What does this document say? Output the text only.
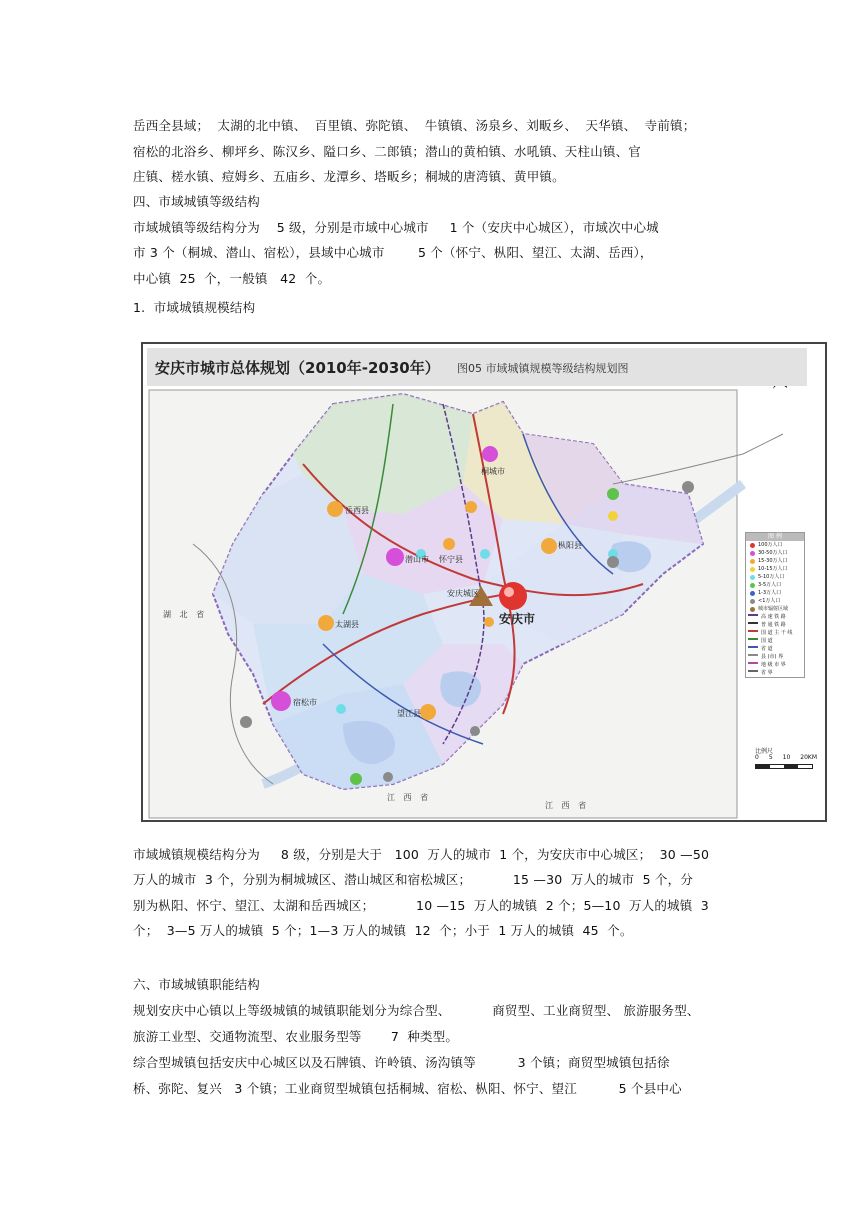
岳西全县域；  太湖的北中镇、  百里镇、弥陀镇、  牛镇镇、汤泉乡、刘畈乡、  天华镇、  寺前镇；
宿松的北浴乡、柳坪乡、陈汉乡、隘口乡、二郎镇；潜山的黄柏镇、水吼镇、天柱山镇、官
庄镇、槎水镇、痘姆乡、五庙乡、龙潭乡、塔畈乡；桐城的唐湾镇、黄甲镇。
四、市域城镇等级结构
市域城镇等级结构分为    5 级，分别是市域中心城市     1 个（安庆中心城区），市域次中心城
市 3 个（桐城、潜山、宿松），县域中心城市        5 个（怀宁、枞阳、望江、太湖、岳西），
中心镇  25  个，一般镇   42  个。
1.  市域城镇规模结构
安庆市城市总体规划（2010年-2030年） 图05 市域城镇规模等级结构规划图
安庆市
桐城市
枞阳县
潜山市 怀宁县
岳西县
太湖县
宿松市
望江县
安庆城区
湖 北 省
江 西 省
江 西 省
图 例
100万人口
30-50万人口
15-30万人口
10-15万人口
5-10万人口
3-5万人口
1-3万人口
<1万人口
城市辐射区域
高 速 铁 路
普 通 铁 路
国 道 主 干 线
国 道
省 道
县 (市) 界
地 级 市 界
省 界
比例尺
0 5 10 20KM
市域城镇规模结构分为     8 级，分别是大于   100  万人的城市  1 个，为安庆市中心城区；  30 —50
万人的城市  3 个，分别为桐城城区、潜山城区和宿松城区；          15 —30  万人的城市  5 个，分
别为枞阳、怀宁、望江、太湖和岳西城区；          10 —15  万人的城镇  2 个；5—10  万人的城镇  3
个；  3—5 万人的城镇  5 个；1—3 万人的城镇  12  个；小于  1 万人的城镇  45  个。
六、市域城镇职能结构
规划安庆中心镇以上等级城镇的城镇职能划分为综合型、          商贸型、工业商贸型、 旅游服务型、
旅游工业型、交通物流型、农业服务型等       7  种类型。
综合型城镇包括安庆中心城区以及石牌镇、许岭镇、汤沟镇等          3 个镇；商贸型城镇包括徐
桥、弥陀、复兴   3 个镇；工业商贸型城镇包括桐城、宿松、枞阳、怀宁、望江          5 个县中心
